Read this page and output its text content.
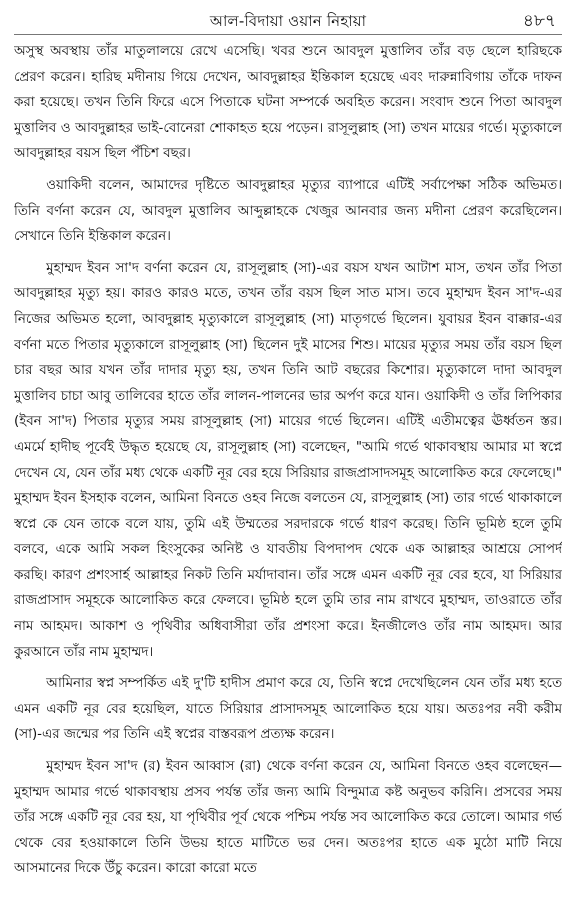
আল-বিদায়া ওয়ান নিহায়া	৪৮৭

অসুস্থ অবস্থায় তাঁর মাতুলালয়ে রেখে এসেছি। খবর শুনে আবদুল মুত্তালিব তাঁর বড় ছেলে হারিছকে প্রেরণ করেন। হারিছ মদীনায় গিয়ে দেখেন, আবদুল্লাহর ইন্তিকাল হয়েছে এবং দারুন্নাবিগায় তাঁকে দাফন করা হয়েছে। তখন তিনি ফিরে এসে পিতাকে ঘটনা সম্পর্কে অবহিত করেন। সংবাদ শুনে পিতা আবদুল মুত্তালিব ও আবদুল্লাহর ভাই-বোনেরা শোকাহত হয়ে পড়েন। রাসূলুল্লাহ (সা) তখন মায়ের গর্ভে। মৃত্যুকালে আবদুল্লাহর বয়স ছিল পঁচিশ বছর।

ওয়াকিদী বলেন, আমাদের দৃষ্টিতে আবদুল্লাহর মৃত্যুর ব্যাপারে এটিই সর্বাপেক্ষা সঠিক অভিমত। তিনি বর্ণনা করেন যে, আবদুল মুত্তালিব আব্দুল্লাহকে খেজুর আনবার জন্য মদীনা প্রেরণ করেছিলেন। সেখানে তিনি ইন্তিকাল করেন।

মুহাম্মদ ইবন সা'দ বর্ণনা করেন যে, রাসূলুল্লাহ (সা)-এর বয়স যখন আটাশ মাস, তখন তাঁর পিতা আবদুল্লাহর মৃত্যু হয়। কারও কারও মতে, তখন তাঁর বয়স ছিল সাত মাস। তবে মুহাম্মদ ইবন সা'দ-এর নিজের অভিমত হলো, আবদুল্লাহ মৃত্যুকালে রাসূলুল্লাহ (সা) মাতৃগর্ভে ছিলেন। যুবায়র ইবন বাক্কার-এর বর্ণনা মতে পিতার মৃত্যুকালে রাসূলুল্লাহ (সা) ছিলেন দুই মাসের শিশু। মায়ের মৃত্যুর সময় তাঁর বয়স ছিল চার বছর আর যখন তাঁর দাদার মৃত্যু হয়, তখন তিনি আট বছরের কিশোর। মৃত্যুকালে দাদা আবদুল মুত্তালিব চাচা আবু তালিবের হাতে তাঁর লালন-পালনের ভার অর্পণ করে যান। ওয়াকিদী ও তাঁর লিপিকার (ইবন সা'দ) পিতার মৃত্যুর সময় রাসূলুল্লাহ (সা) মায়ের গর্ভে ছিলেন। এটিই এতীমত্বের ঊর্ধ্বতন স্তর। এমর্মে হাদীছ পূর্বেই উদ্ধৃত হয়েছে যে, রাসূলুল্লাহ (সা) বলেছেন, "আমি গর্ভে থাকাবস্থায় আমার মা স্বপ্নে দেখেন যে, যেন তাঁর মধ্য থেকে একটি নূর বের হয়ে সিরিয়ার রাজপ্রাসাদসমূহ আলোকিত করে ফেলেছে।" মুহাম্মদ ইবন ইসহাক বলেন, আমিনা বিনতে ওহব নিজে বলতেন যে, রাসূলুল্লাহ (সা) তার গর্ভে থাকাকালে স্বপ্নে কে যেন তাকে বলে যায়, তুমি এই উম্মতের সরদারকে গর্ভে ধারণ করেছ। তিনি ভূমিষ্ঠ হলে তুমি বলবে, একে আমি সকল হিংসুকের অনিষ্ট ও যাবতীয় বিপদাপদ থেকে এক আল্লাহর আশ্রয়ে সোপর্দ করছি। কারণ প্রশংসার্হ আল্লাহর নিকট তিনি মর্যাদাবান। তাঁর সঙ্গে এমন একটি নূর বের হবে, যা সিরিয়ার রাজপ্রাসাদ সমূহকে আলোকিত করে ফেলবে। ভূমিষ্ঠ হলে তুমি তার নাম রাখবে মুহাম্মদ, তাওরাতে তাঁর নাম আহমদ। আকাশ ও পৃথিবীর অধিবাসীরা তাঁর প্রশংসা করে। ইনজীলেও তাঁর নাম আহমদ। আর কুরআনে তাঁর নাম মুহাম্মদ।

আমিনার স্বপ্ন সম্পর্কিত এই দু'টি হাদীস প্রমাণ করে যে, তিনি স্বপ্নে দেখেছিলেন যেন তাঁর মধ্য হতে এমন একটি নূর বের হয়েছিল, যাতে সিরিয়ার প্রাসাদসমূহ আলোকিত হয়ে যায়। অতঃপর নবী করীম (সা)-এর জন্মের পর তিনি এই স্বপ্নের বাস্তবরূপ প্রত্যক্ষ করেন।

মুহাম্মদ ইবন সা'দ (র) ইবন আব্বাস (রা) থেকে বর্ণনা করেন যে, আমিনা বিনতে ওহব বলেছেন— মুহাম্মদ আমার গর্ভে থাকাবস্থায় প্রসব পর্যন্ত তাঁর জন্য আমি বিন্দুমাত্র কষ্ট অনুভব করিনি। প্রসবের সময় তাঁর সঙ্গে একটি নূর বের হয়, যা পৃথিবীর পূর্ব থেকে পশ্চিম পর্যন্ত সব আলোকিত করে তোলে। আমার গর্ভ থেকে বের হওয়াকালে তিনি উভয় হাতে মাটিতে ভর দেন। অতঃপর হাতে এক মুঠো মাটি নিয়ে আসমানের দিকে উঁচু করেন। কারো কারো মতে
